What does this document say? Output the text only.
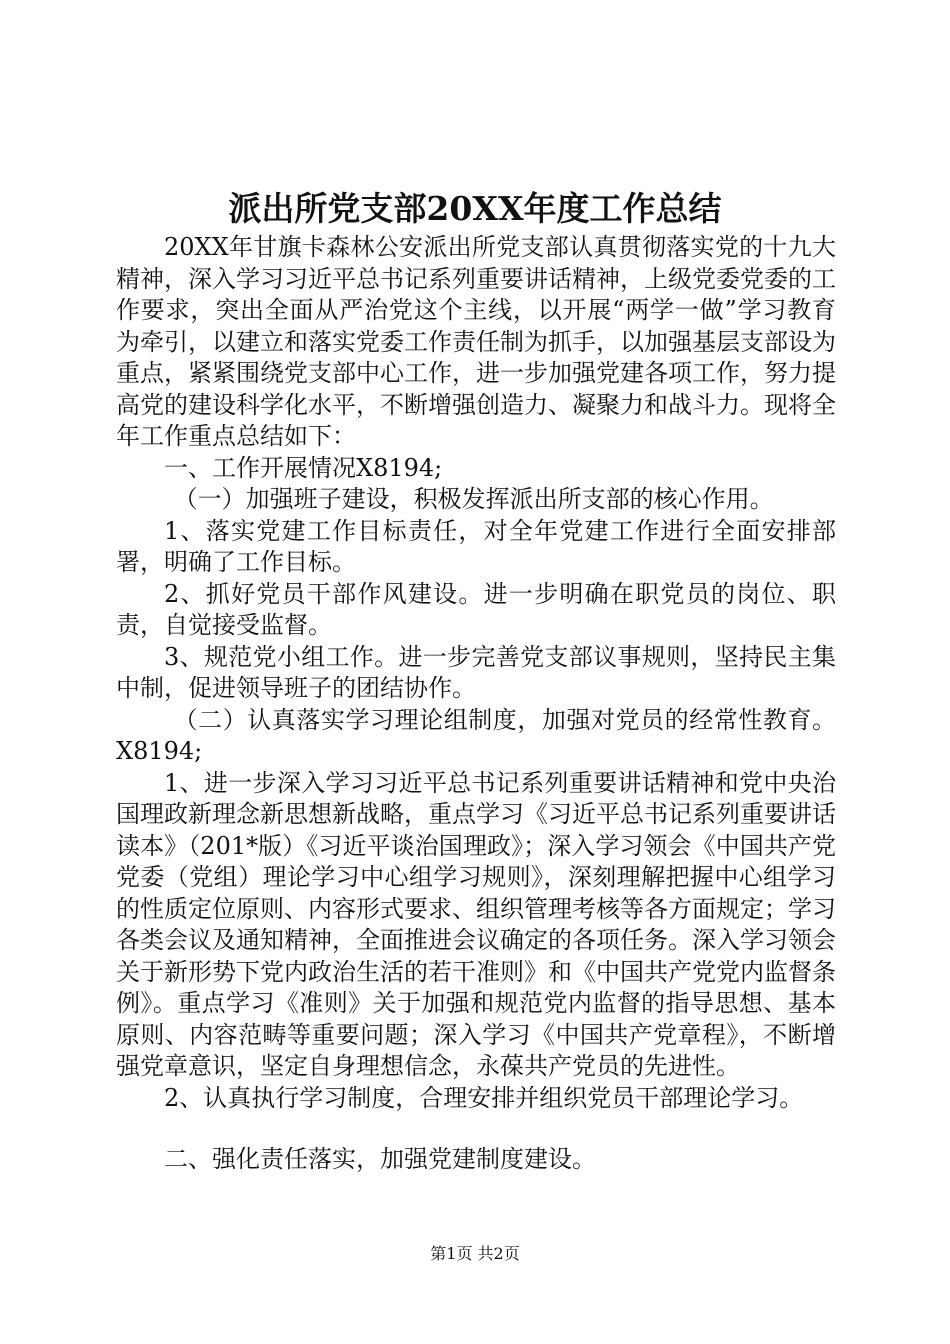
派出所党支部20XX年度工作总结

20XX年甘旗卡森林公安派出所党支部认真贯彻落实党的十九大精神，深入学习习近平总书记系列重要讲话精神，上级党委党委的工作要求，突出全面从严治党这个主线，以开展“两学一做”学习教育为牵引，以建立和落实党委工作责任制为抓手，以加强基层支部设为重点，紧紧围绕党支部中心工作，进一步加强党建各项工作，努力提高党的建设科学化水平，不断增强创造力、凝聚力和战斗力。现将全年工作重点总结如下：

一、工作开展情况X8194;

（一）加强班子建设，积极发挥派出所支部的核心作用。

1、落实党建工作目标责任，对全年党建工作进行全面安排部署，明确了工作目标。

2、抓好党员干部作风建设。进一步明确在职党员的岗位、职责，自觉接受监督。

3、规范党小组工作。进一步完善党支部议事规则，坚持民主集中制，促进领导班子的团结协作。

（二）认真落实学习理论组制度，加强对党员的经常性教育。X8194;

1、进一步深入学习习近平总书记系列重要讲话精神和党中央治国理政新理念新思想新战略，重点学习《习近平总书记系列重要讲话读本》（201*版）《习近平谈治国理政》；深入学习领会《中国共产党党委（党组）理论学习中心组学习规则》，深刻理解把握中心组学习的性质定位原则、内容形式要求、组织管理考核等各方面规定；学习各类会议及通知精神，全面推进会议确定的各项任务。深入学习领会关于新形势下党内政治生活的若干准则》和《中国共产党党内监督条例》。重点学习《准则》关于加强和规范党内监督的指导思想、基本原则、内容范畴等重要问题；深入学习《中国共产党章程》，不断增强党章意识，坚定自身理想信念，永葆共产党员的先进性。

2、认真执行学习制度，合理安排并组织党员干部理论学习。

二、强化责任落实，加强党建制度建设。

第1页 共2页
